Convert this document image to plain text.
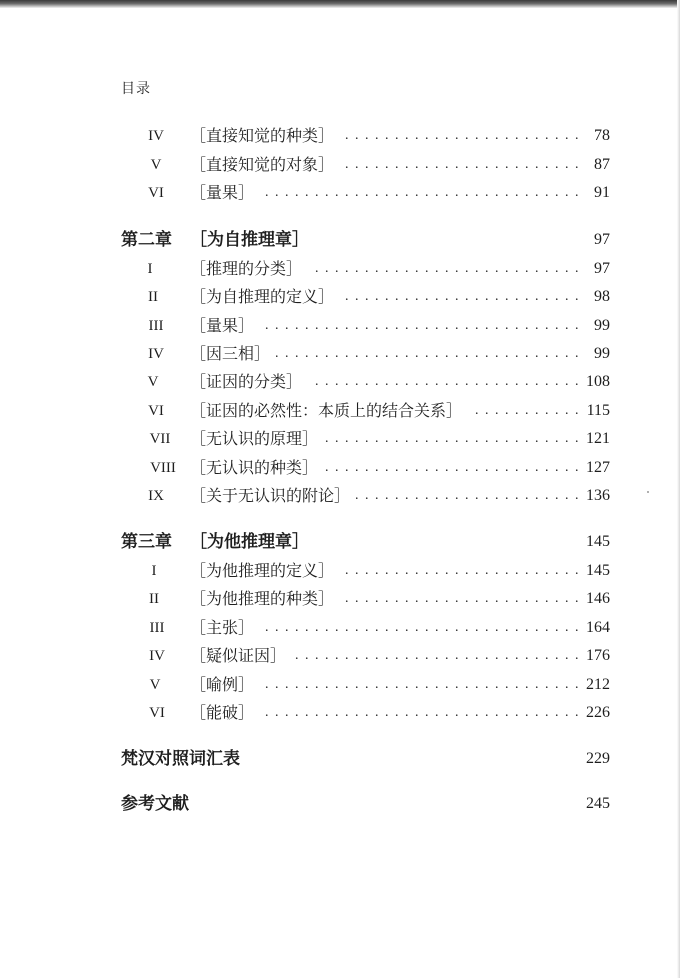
目录
IV . . .	［直接知觉的种类］	78
V . . .	［直接知觉的对象］	87
VI . . .	［量果］	91
第二章 ［为自推理章］	97
I . . .	［推理的分类］	97
II . . .	［为自推理的定义］	98
III . . .	［量果］	99
IV . . .	［因三相］	99
V . . .	［证因的分类］	108
VI . . .	［证因的必然性：本质上的结合关系］	115
VII . . .	［无认识的原理］	121
VIII . . . ［无认识的种类］	127
IX . . .	［关于无认识的附论］	136
第三章 ［为他推理章］	145
I . . .	［为他推理的定义］	145
II . . .	［为他推理的种类］	146
III . . .	［主张］	164
IV . . .	［疑似证因］	176
V . . .	［喻例］	212
VI . . .	［能破］	226
梵汉对照词汇表	229
参考文献	245
